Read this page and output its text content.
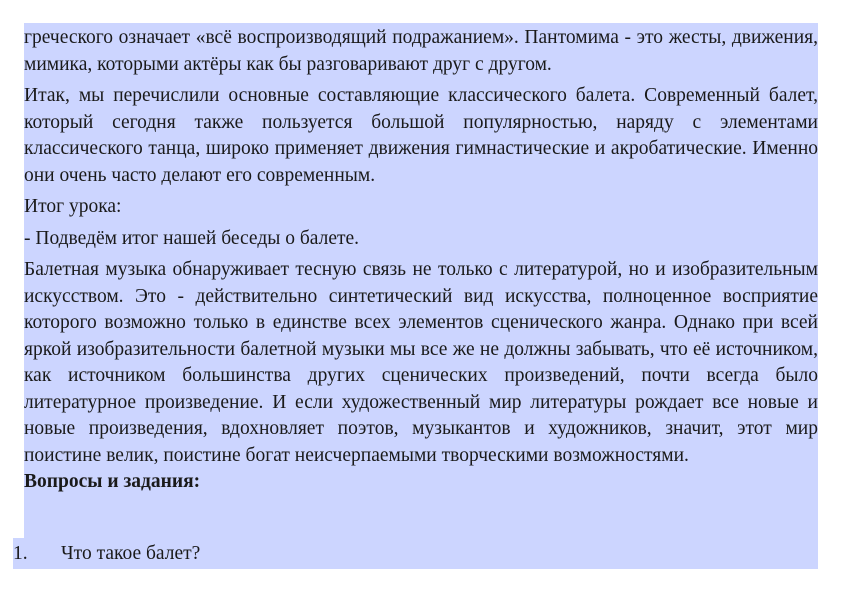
греческого означает «всё воспроизводящий подражанием». Пантомима - это жесты, движения, мимика, которыми актёры как бы разговаривают друг с другом.

Итак, мы перечислили основные составляющие классического балета. Современный балет, который сегодня также пользуется большой популярностью, наряду с элементами классического танца, широко применяет движения гимнастические и акробатические. Именно они очень часто делают его современным.

Итог урока:

- Подведём итог нашей беседы о балете.

Балетная музыка обнаруживает тесную связь не только с литературой, но и изобразительным искусством. Это - действительно синтетический вид искусства, полноценное восприятие которого возможно только в единстве всех элементов сценического жанра. Однако при всей яркой изобразительности балетной музыки мы все же не должны забывать, что её источником, как источником большинства других сценических произведений, почти всегда было литературное произведение. И если художественный мир литературы рождает все новые и новые произведения, вдохновляет поэтов, музыкантов и художников, значит, этот мир поистине велик, поистине богат неисчерпаемыми творческими возможностями.

Вопросы и задания:

1. Что такое балет?
